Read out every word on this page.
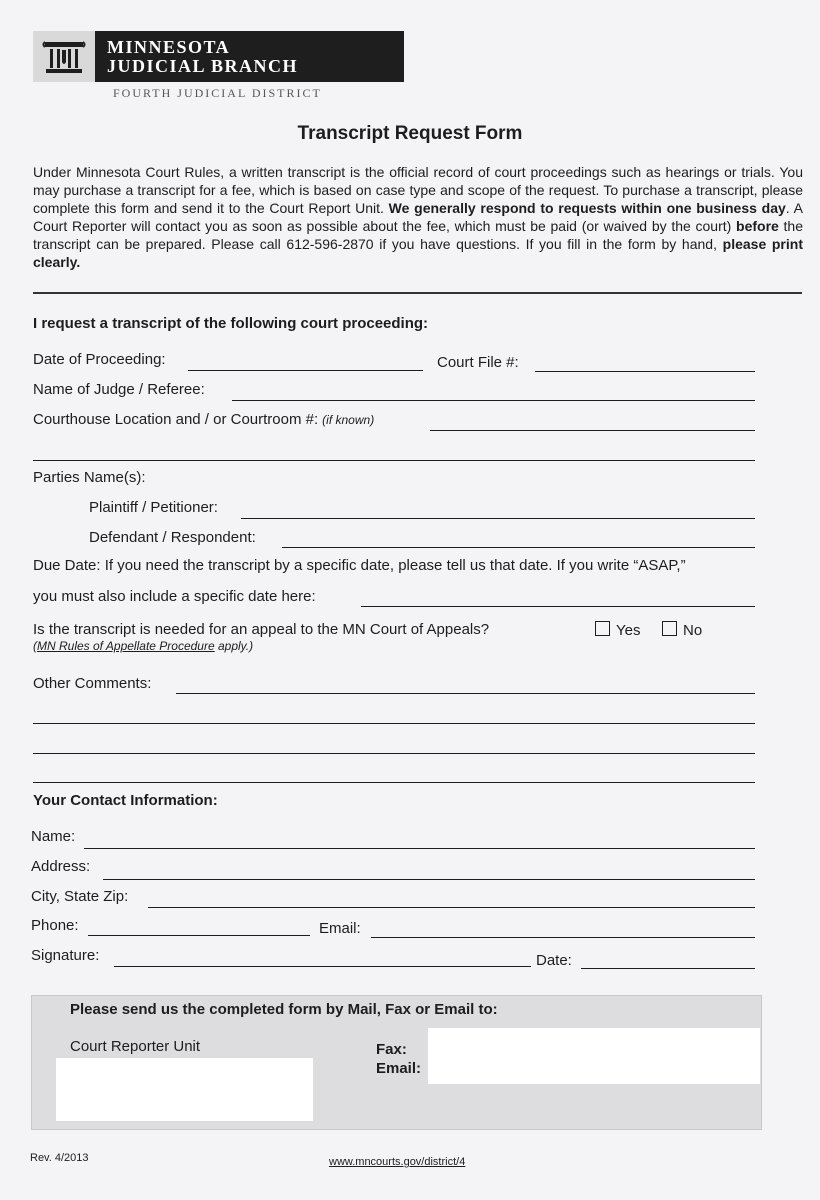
MINNESOTA
JUDICIAL BRANCH
FOURTH JUDICIAL DISTRICT
Transcript Request Form
Under Minnesota Court Rules, a written transcript is the official record of court proceedings such as hearings or trials. You may purchase a transcript for a fee, which is based on case type and scope of the request. To purchase a transcript, please complete this form and send it to the Court Report Unit. We generally respond to requests within one business day. A Court Reporter will contact you as soon as possible about the fee, which must be paid (or waived by the court) before the transcript can be prepared. Please call 612-596-2870 if you have questions. If you fill in the form by hand, please print clearly.
I request a transcript of the following court proceeding:
Date of Proceeding:	Court File #:
Name of Judge / Referee:
Courthouse Location and / or Courtroom #: (if known)
Parties Name(s):
Plaintiff / Petitioner:
Defendant / Respondent:
Due Date: If you need the transcript by a specific date, please tell us that date. If you write “ASAP,”
you must also include a specific date here:
Is the transcript is needed for an appeal to the MN Court of Appeals?	Yes	No
(MN Rules of Appellate Procedure apply.)
Other Comments:
Your Contact Information:
Name:
Address:
City, State Zip:
Phone:	Email:
Signature:	Date:
Please send us the completed form by Mail, Fax or Email to:
Court Reporter Unit	Fax:
Email:
Rev. 4/2013	www.mncourts.gov/district/4
